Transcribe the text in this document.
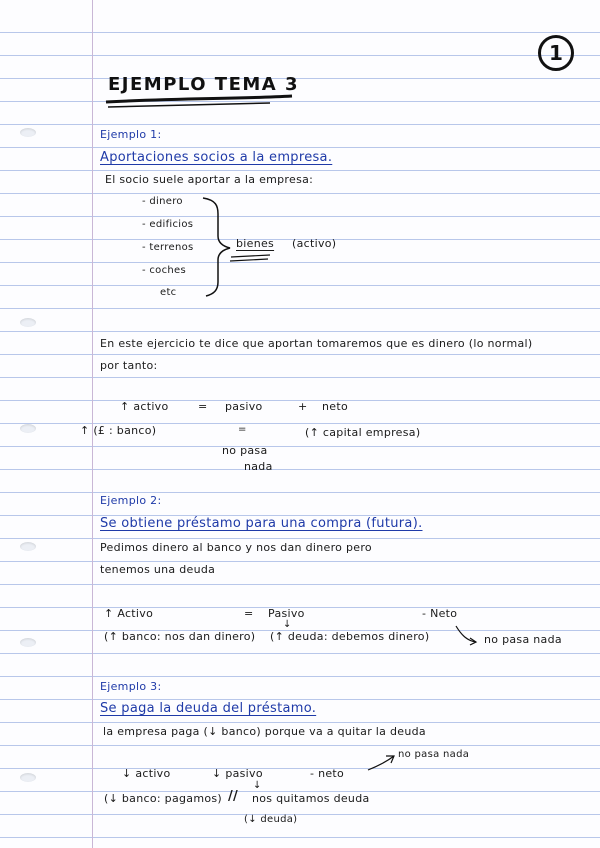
1
EJEMPLO TEMA 3
Ejemplo 1:
Aportaciones socios a la empresa.
El socio suele aportar a la empresa:
- dinero
- edificios
- terrenos
- coches
etc
bienes (activo)
En este ejercicio te dice que aportan tomaremos que es dinero (lo normal)
por tanto:
↑ activo	= pasivo	+ neto
↑ (£ : banco)	=	(↑ capital empresa)
no pasa
nada
Ejemplo 2:
Se obtiene préstamo para una compra (futura).
Pedimos dinero al banco y nos dan dinero pero
tenemos una deuda
↑ Activo	= Pasivo	- Neto
↓
(↑ banco: nos dan dinero) (↑ deuda: debemos dinero)	no pasa nada
Ejemplo 3:
Se paga la deuda del préstamo.
la empresa paga (↓ banco) porque va a quitar la deuda
no pasa nada
↓ activo	↓ pasivo	- neto
↓
(↓ banco: pagamos) // nos quitamos deuda
(↓ deuda)
